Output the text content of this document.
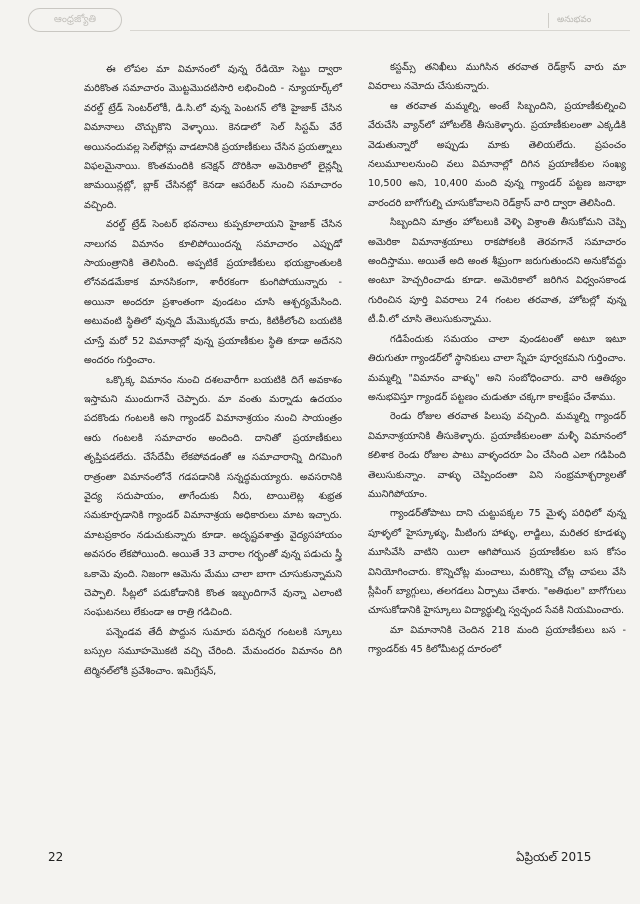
ఆంధ్రజ్యోతి	అనుభవం

ఈ లోపల మా విమానంలో వున్న రేడియో సెట్టు ద్వారా మరికొంత సమాచారం మొట్టమొదటిసారి లభించింది - న్యూయార్క్‌లో వరల్డ్ ట్రేడ్ సెంటర్‌లోకీ, డి.సి.లో వున్న పెంటగన్ లోకి హైజాక్ చేసిన విమానాలు చొచ్చుకొని వెళ్ళాయి. కెనడాలో సెల్ సిస్టమ్ వేరే అయినందువల్ల సెల్‌ఫోన్లు వాడటానికి ప్రయాణీకులు చేసిన ప్రయత్నాలు విఫలమైనాయి. కొంతమందికి కనెక్షన్ దొరికినా అమెరికాలో లైన్లన్నీ జామయిన్లట్లో, బ్లాక్ చేసినట్లో కెనడా ఆపరేటర్ నుంచి సమాచారం వచ్చింది.

వరల్డ్ ట్రేడ్ సెంటర్ భవనాలు కుప్పకూలాయని హైజాక్ చేసిన నాలుగవ విమానం కూలిపోయిందన్న సమాచారం ఎప్పుడో సాయంత్రానికి తెలిసింది. అప్పటికే ప్రయాణీకులు భయభ్రాంతులకి లోనవడమేకాక మానసికంగా, శారీరకంగా కుంగిపోయున్నారు - అయినా అందరూ ప్రశాంతంగా వుండటం చూసి ఆశ్చర్యమేసింది. అటువంటి స్థితిలో వున్నది మేమొక్కరమే కాదు, కిటికీలోంచి బయటికి చూస్తే మరో 52 విమానాల్లో వున్న ప్రయాణీకుల స్థితి కూడా అదేనని అందరం గుర్తించాం.

ఒక్కొక్క విమానం నుంచి దశలవారీగా బయటికి దిగే అవకాశం ఇస్తామని ముందుగానే చెప్పారు. మా వంతు మర్నాడు ఉదయం పదకొండు గంటలకి అని గ్యాండర్ విమానాశ్రయం నుంచి సాయంత్రం ఆరు గంటలకి సమాచారం అందింది. దానితో ప్రయాణీకులు తృప్తిపడలేదు. చేసేదేమీ లేకపోవడంతో ఆ సమాచారాన్ని దిగమింగి రాత్రంతా విమానంలోనే గడపడానికి సన్నద్ధమయ్యారు. అవసరానికి వైద్య సదుపాయం, తాగేందుకు నీరు, టాయిలెట్ల శుభ్రత సమకూర్చడానికి గ్యాండర్ విమానాశ్రయ అధికారులు మాట ఇచ్చారు. మాటప్రకారం నడుచుకున్నారు కూడా. అదృష్టవశాత్తు వైద్యసహాయం అవసరం లేకపోయింది. అయితే 33 వారాల గర్భంతో వున్న పడుచు స్త్రీ ఒకామె వుంది. నిజంగా ఆమెను మేము చాలా బాగా చూసుకున్నామని చెప్పాలి. సీట్లలో పడుకోడానికి కొంత ఇబ్బందిగానే వున్నా ఎలాంటి సంఘటనలు లేకుండా ఆ రాత్రి గడిచింది.

పన్నెండవ తేదీ పొద్దున సుమారు పదిన్నర గంటలకి స్కూలు బస్సుల సమూహమొకటి వచ్చి చేరింది. మేమందరం విమానం దిగి టెర్మినల్‌లోకి ప్రవేశించాం. ఇమిగ్రేషన్,

కస్టమ్స్ తనిఖీలు ముగిసిన తరవాత రెడ్‌క్రాస్ వారు మా వివరాలు నమోదు చేసుకున్నారు.

ఆ తరవాత మమ్మల్ని, అంటే సిబ్బందిని, ప్రయాణీకుల్నించి వేరుచేసి వ్యాన్‌లో హోటల్‌కి తీసుకెళ్ళారు. ప్రయాణీకులంతా ఎక్కడికి వెడుతున్నారో అప్పుడు మాకు తెలియలేదు. ప్రపంచం నలుమూలలనుంచి వలు విమానాల్లో దిగిన ప్రయాణీకుల సంఖ్య 10,500 అని, 10,400 మంది వున్న గ్యాండర్ పట్టణ జనాభా వారందరి బాగోగుల్ని చూసుకోవాలని రెడ్‌క్రాస్ వారి ద్వారా తెలిసింది.

సిబ్బందిని మాత్రం హోటలుకి వెళ్ళి విశ్రాంతి తీసుకోమని చెప్పి అమెరికా విమానాశ్రయాలు రాకపోకలకి తెరవగానే సమాచారం అందిస్తాము. అయితే అది అంత శీఘ్రంగా జరుగుతుందని అనుకోవద్దు అంటూ హెచ్చరించాడు కూడా. అమెరికాలో జరిగిన విధ్వంసకాండ గురించిన పూర్తి వివరాలు 24 గంటల తరవాత, హోటల్లో వున్న టీ.వీ.లో చూసి తెలుసుకున్నాము.

గడిపేందుకు సమయం చాలా వుండటంతో అటూ ఇటూ తిరుగుతూ గ్యాండర్‌లో స్థానికులు చాలా స్నేహ పూర్వకమని గుర్తించాం. మమ్మల్ని "విమానం వాళ్ళు" అని సంబోధించారు. వారి ఆతిథ్యం అనుభవిస్తూ గ్యాండర్ పట్టణం చుడుతూ చక్కగా కాలక్షేపం చేశాము.

రెండు రోజుల తరవాత పిలుపు వచ్చింది. మమ్మల్ని గ్యాండర్ విమానాశ్రయానికి తీసుకెళ్ళారు. ప్రయాణీకులంతా మళ్ళీ విమానంలో కలిశాక రెండు రోజుల పాటు వాళ్ళందరూ ఏం చేసింది ఎలా గడిపింది తెలుసుకున్నాం. వాళ్ళు చెప్పిందంతా విని సంభ్రమాశ్చర్యాలతో మునిగిపోయాం.

గ్యాండర్‌తోపాటు దాని చుట్టుపక్కల 75 మైళ్ళ పరిధిలో వున్న పూళ్ళలో హైస్కూళ్ళు, మీటింగు హాళ్ళు, లాడ్జిలు, మరితర కూడళ్ళు మూసివేసి వాటిని యిలా ఆగిపోయిన ప్రయాణీకుల బస కోసం వినియోగించారు. కొన్నిచోట్ల మంచాలు, మరికొన్ని చోట్ల చాపలు వేసి స్లీపింగ్ బ్యాగ్గులు, తలగడలు ఏర్పాటు చేశారు. "అతిథుల" బాగోగులు చూసుకోడానికి హైస్కూలు విద్యార్థుల్ని స్వచ్ఛంద సేవకి నియమించారు.

మా విమానానికి చెందిన 218 మంది ప్రయాణీకులు బస - గ్యాండర్‌కు 45 కిలోమీటర్ల దూరంలో

22	ఏప్రియల్ 2015
